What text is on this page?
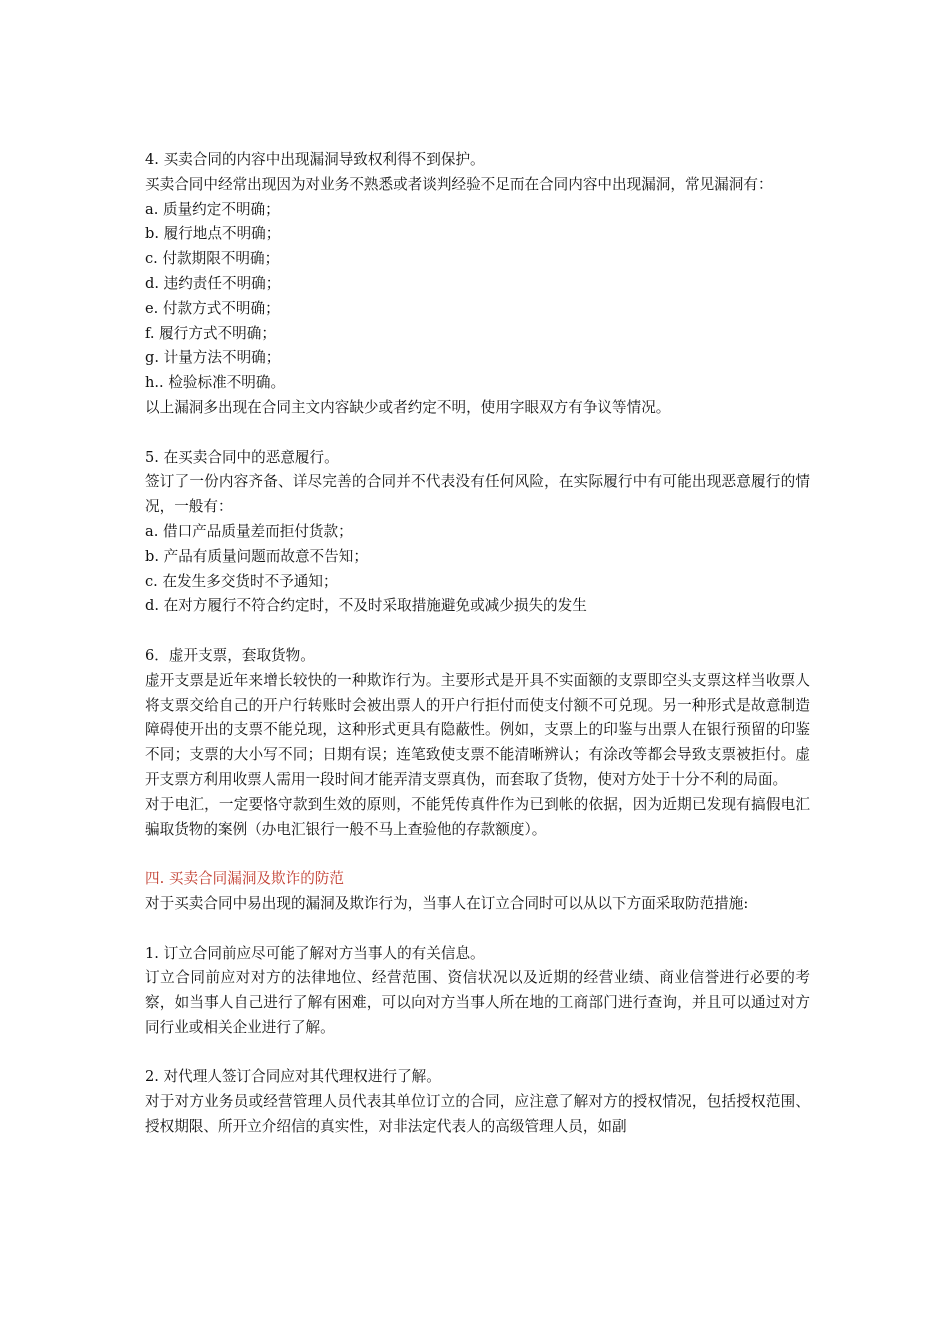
4. 买卖合同的内容中出现漏洞导致权利得不到保护。

买卖合同中经常出现因为对业务不熟悉或者谈判经验不足而在合同内容中出现漏洞，常见漏洞有：

a. 质量约定不明确；

b. 履行地点不明确；

c. 付款期限不明确；

d. 违约责任不明确；

e. 付款方式不明确；

f. 履行方式不明确；

g. 计量方法不明确；

h.. 检验标准不明确。

以上漏洞多出现在合同主文内容缺少或者约定不明，使用字眼双方有争议等情况。

5. 在买卖合同中的恶意履行。

签订了一份内容齐备、详尽完善的合同并不代表没有任何风险，在实际履行中有可能出现恶意履行的情况，一般有：

a. 借口产品质量差而拒付货款；

b. 产品有质量问题而故意不告知；

c. 在发生多交货时不予通知；

d. 在对方履行不符合约定时，不及时采取措施避免或减少损失的发生

6．虚开支票，套取货物。

虚开支票是近年来增长较快的一种欺诈行为。主要形式是开具不实面额的支票即空头支票这样当收票人将支票交给自己的开户行转账时会被出票人的开户行拒付而使支付额不可兑现。另一种形式是故意制造障碍使开出的支票不能兑现，这种形式更具有隐蔽性。例如，支票上的印鉴与出票人在银行预留的印鉴不同；支票的大小写不同；日期有误；连笔致使支票不能清晰辨认；有涂改等都会导致支票被拒付。虚开支票方利用收票人需用一段时间才能弄清支票真伪，而套取了货物，使对方处于十分不利的局面。

对于电汇，一定要恪守款到生效的原则，不能凭传真件作为已到帐的依据，因为近期已发现有搞假电汇骗取货物的案例（办电汇银行一般不马上查验他的存款额度）。

四. 买卖合同漏洞及欺诈的防范

对于买卖合同中易出现的漏洞及欺诈行为，当事人在订立合同时可以从以下方面采取防范措施:

1. 订立合同前应尽可能了解对方当事人的有关信息。

订立合同前应对对方的法律地位、经营范围、资信状况以及近期的经营业绩、商业信誉进行必要的考察，如当事人自己进行了解有困难，可以向对方当事人所在地的工商部门进行查询，并且可以通过对方同行业或相关企业进行了解。

2. 对代理人签订合同应对其代理权进行了解。

对于对方业务员或经营管理人员代表其单位订立的合同，应注意了解对方的授权情况，包括授权范围、授权期限、所开立介绍信的真实性，对非法定代表人的高级管理人员，如副
